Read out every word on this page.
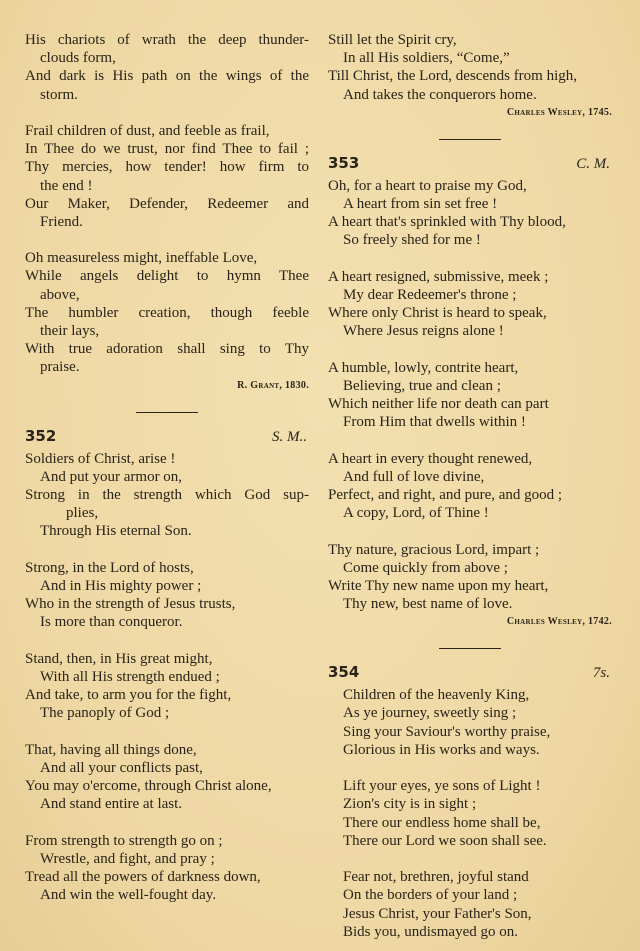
His chariots of wrath the deep thunder-
clouds form,
And dark is His path on the wings of the
storm.
Frail children of dust, and feeble as frail,
In Thee do we trust, nor find Thee to fail ;
Thy mercies, how tender! how firm to
the end !
Our Maker, Defender, Redeemer and
Friend.
Oh measureless might, ineffable Love,
While angels delight to hymn Thee
above,
The humbler creation, though feeble
their lays,
With true adoration shall sing to Thy
praise.
R. Grant, 1830.
352	S. M..
Soldiers of Christ, arise !
And put your armor on,
Strong in the strength which God sup-
plies,
Through His eternal Son.
Strong, in the Lord of hosts,
And in His mighty power ;
Who in the strength of Jesus trusts,
Is more than conqueror.
Stand, then, in His great might,
With all His strength endued ;
And take, to arm you for the fight,
The panoply of God ;
That, having all things done,
And all your conflicts past,
You may o'ercome, through Christ alone,
And stand entire at last.
From strength to strength go on ;
Wrestle, and fight, and pray ;
Tread all the powers of darkness down,
And win the well-fought day.
Still let the Spirit cry,
In all His soldiers, “Come,”
Till Christ, the Lord, descends from high,
And takes the conquerors home.
Charles Wesley, 1745.
353	C. M.
Oh, for a heart to praise my God,
A heart from sin set free !
A heart that's sprinkled with Thy blood,
So freely shed for me !
A heart resigned, submissive, meek ;
My dear Redeemer's throne ;
Where only Christ is heard to speak,
Where Jesus reigns alone !
A humble, lowly, contrite heart,
Believing, true and clean ;
Which neither life nor death can part
From Him that dwells within !
A heart in every thought renewed,
And full of love divine,
Perfect, and right, and pure, and good ;
A copy, Lord, of Thine !
Thy nature, gracious Lord, impart ;
Come quickly from above ;
Write Thy new name upon my heart,
Thy new, best name of love.
Charles Wesley, 1742.
354	7s.
Children of the heavenly King,
As ye journey, sweetly sing ;
Sing your Saviour's worthy praise,
Glorious in His works and ways.
Lift your eyes, ye sons of Light !
Zion's city is in sight ;
There our endless home shall be,
There our Lord we soon shall see.
Fear not, brethren, joyful stand
On the borders of your land ;
Jesus Christ, your Father's Son,
Bids you, undismayed go on.
